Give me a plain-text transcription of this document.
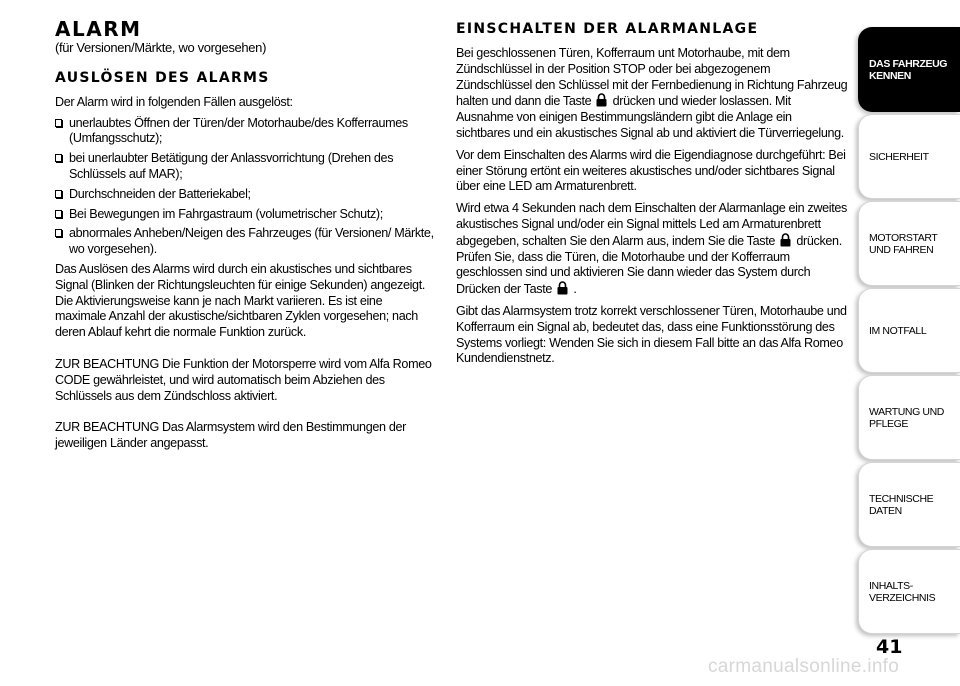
ALARM

(für Versionen/Märkte, wo vorgesehen)

AUSLÖSEN DES ALARMS

Der Alarm wird in folgenden Fällen ausgelöst:

unerlaubtes Öffnen der Türen/der Motorhaube/des Kofferraumes (Umfangsschutz);
bei unerlaubter Betätigung der Anlassvorrichtung (Drehen des Schlüssels auf MAR);
Durchschneiden der Batteriekabel;
Bei Bewegungen im Fahrgastraum (volumetrischer Schutz);
abnormales Anheben/Neigen des Fahrzeuges (für Versionen/ Märkte, wo vorgesehen).

Das Auslösen des Alarms wird durch ein akustisches und sichtbares Signal (Blinken der Richtungsleuchten für einige Sekunden) angezeigt. Die Aktivierungsweise kann je nach Markt variieren. Es ist eine maximale Anzahl der akustische/sichtbaren Zyklen vorgesehen; nach deren Ablauf kehrt die normale Funktion zurück.

ZUR BEACHTUNG Die Funktion der Motorsperre wird vom Alfa Romeo CODE gewährleistet, und wird automatisch beim Abziehen des Schlüssels aus dem Zündschloss aktiviert.

ZUR BEACHTUNG Das Alarmsystem wird den Bestimmungen der jeweiligen Länder angepasst.

EINSCHALTEN DER ALARMANLAGE

Bei geschlossenen Türen, Kofferraum unt Motorhaube, mit dem Zündschlüssel in der Position STOP oder bei abgezogenem Zündschlüssel den Schlüssel mit der Fernbedienung in Richtung Fahrzeug halten und dann die Taste drücken und wieder loslassen. Mit Ausnahme von einigen Bestimmungsländern gibt die Anlage ein sichtbares und ein akustisches Signal ab und aktiviert die Türverriegelung.

Vor dem Einschalten des Alarms wird die Eigendiagnose durchgeführt: Bei einer Störung ertönt ein weiteres akustisches und/oder sichtbares Signal über eine LED am Armaturenbrett.

Wird etwa 4 Sekunden nach dem Einschalten der Alarmanlage ein zweites akustisches Signal und/oder ein Signal mittels Led am Armaturenbrett abgegeben, schalten Sie den Alarm aus, indem Sie die Taste drücken. Prüfen Sie, dass die Türen, die Motorhaube und der Kofferraum geschlossen sind und aktivieren Sie dann wieder das System durch Drücken der Taste .

Gibt das Alarmsystem trotz korrekt verschlossener Türen, Motorhaube und Kofferraum ein Signal ab, bedeutet das, dass eine Funktionsstörung des Systems vorliegt: Wenden Sie sich in diesem Fall bitte an das Alfa Romeo Kundendienstnetz.

DAS FAHRZEUG KENNEN
SICHERHEIT
MOTORSTART UND FAHREN
IM NOTFALL
WARTUNG UND PFLEGE
TECHNISCHE DATEN
INHALTS- VERZEICHNIS
41
carmanualsonline.info
